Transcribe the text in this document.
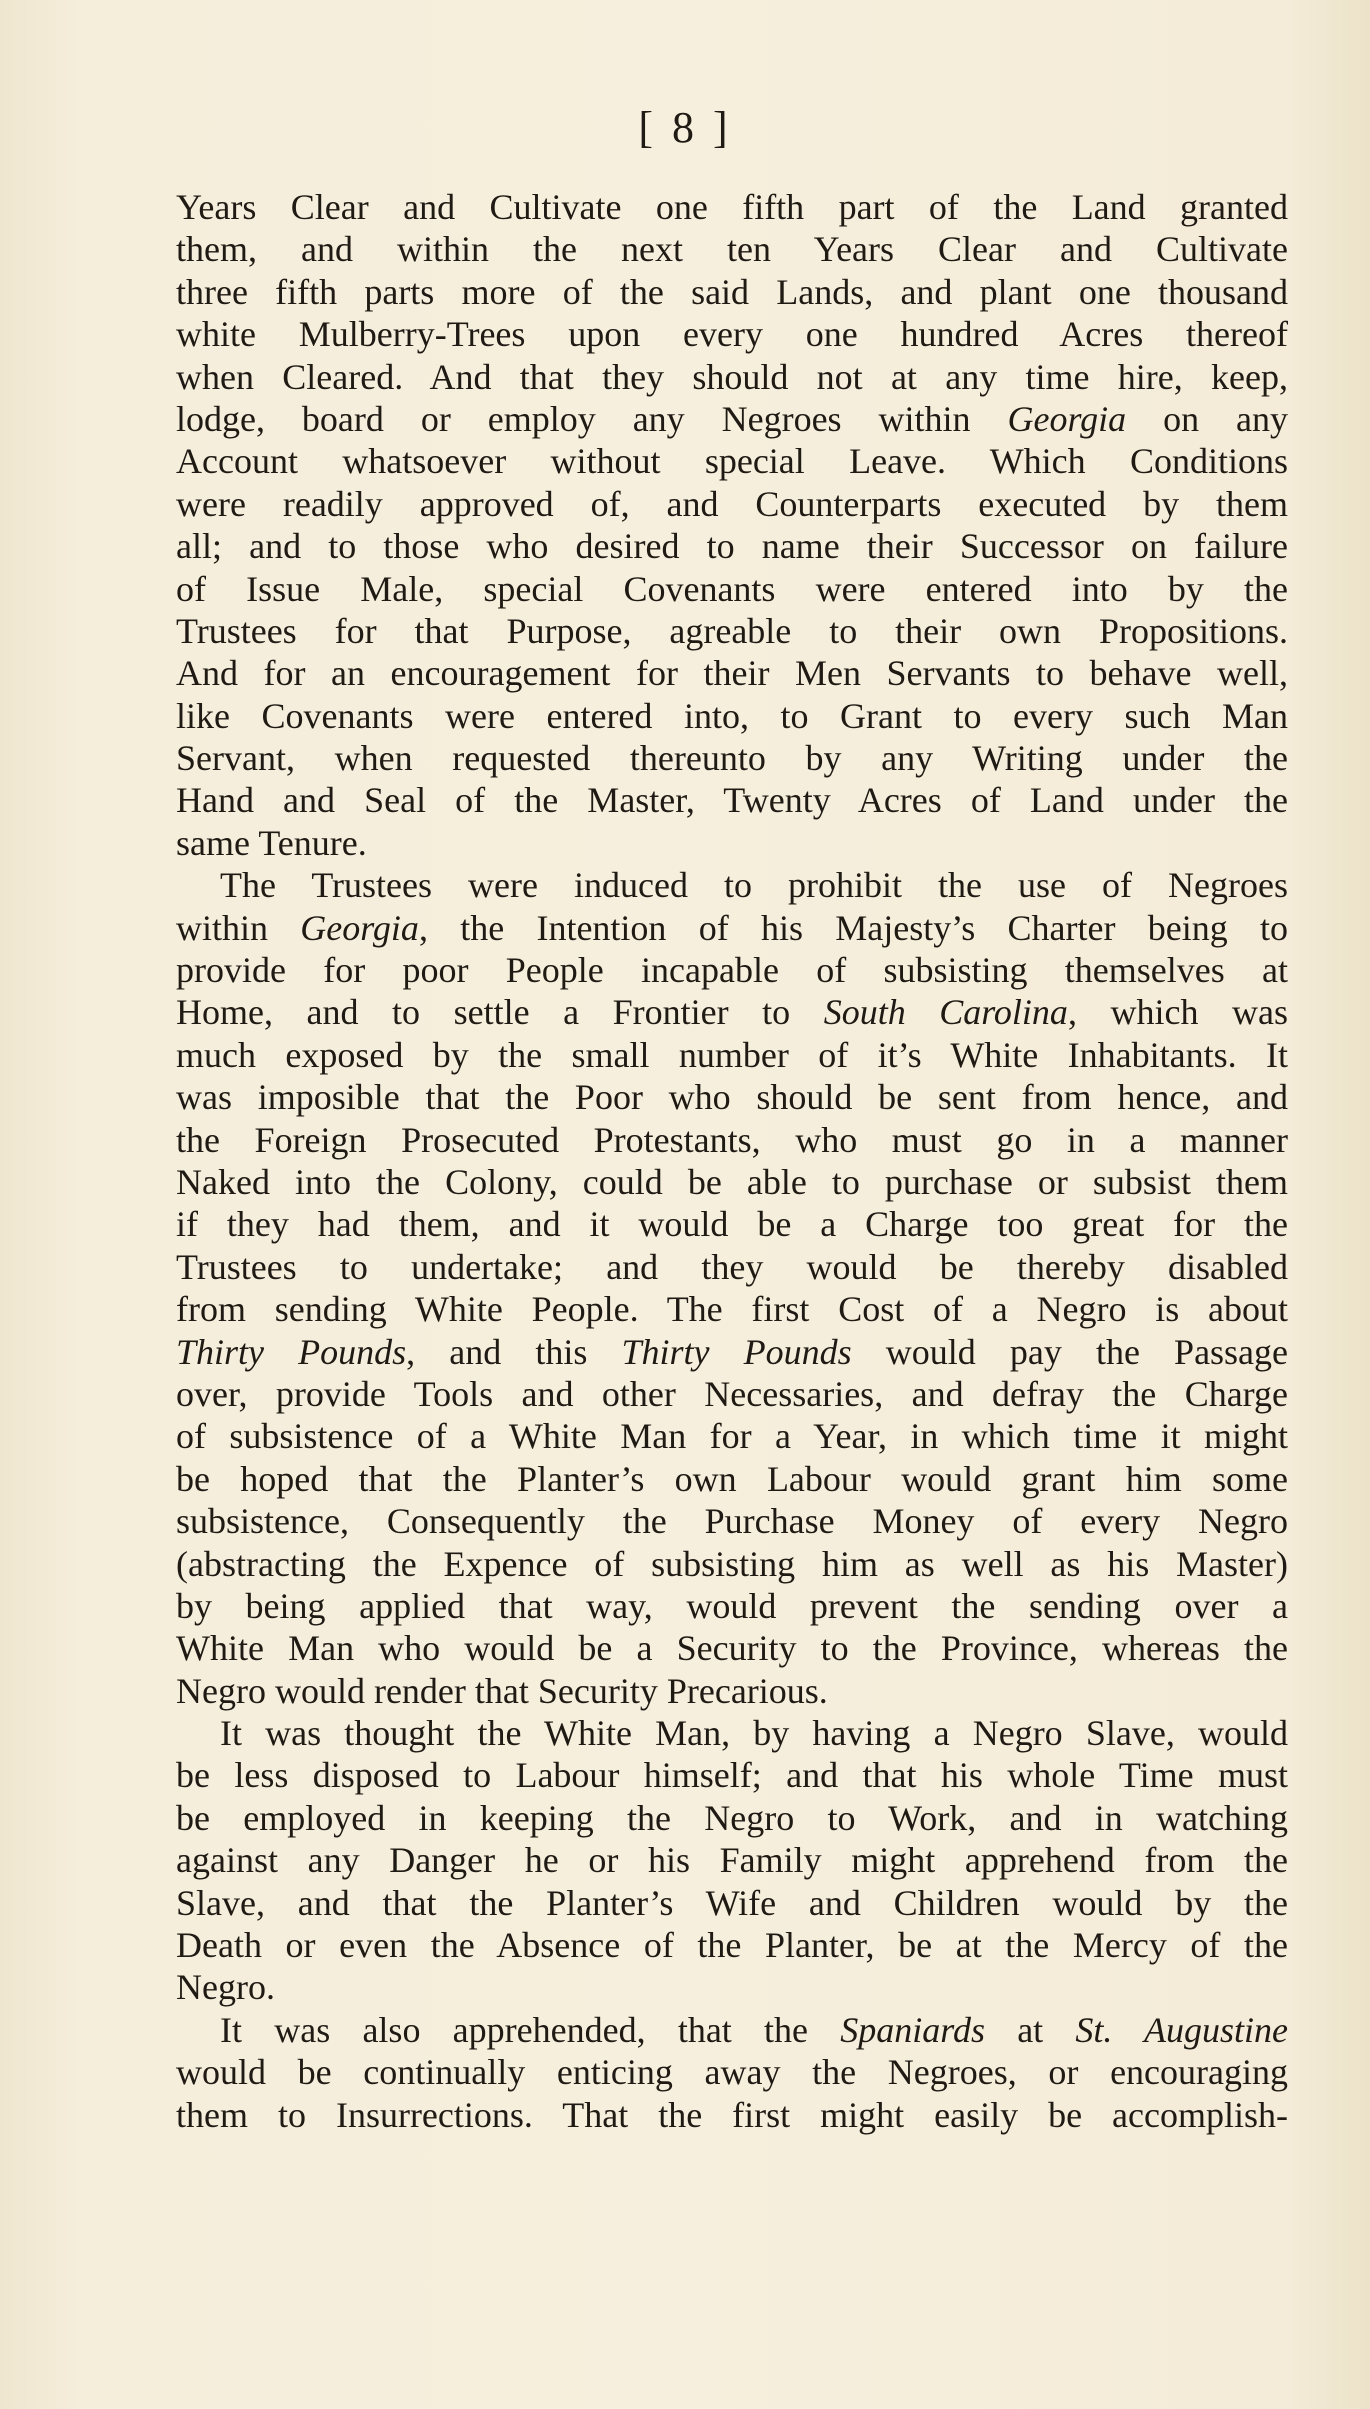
[ 8 ]
Years Clear and Cultivate one fifth part of the Land granted
them, and within the next ten Years Clear and Cultivate
three fifth parts more of the said Lands, and plant one thousand
white Mulberry-Trees upon every one hundred Acres thereof
when Cleared. And that they should not at any time hire, keep,
lodge, board or employ any Negroes within Georgia on any
Account whatsoever without special Leave. Which Conditions
were readily approved of, and Counterparts executed by them
all; and to those who desired to name their Successor on failure
of Issue Male, special Covenants were entered into by the
Trustees for that Purpose, agreable to their own Propositions.
And for an encouragement for their Men Servants to behave well,
like Covenants were entered into, to Grant to every such Man
Servant, when requested thereunto by any Writing under the
Hand and Seal of the Master, Twenty Acres of Land under the
same Tenure.
The Trustees were induced to prohibit the use of Negroes
within Georgia, the Intention of his Majesty’s Charter being to
provide for poor People incapable of subsisting themselves at
Home, and to settle a Frontier to South Carolina, which was
much exposed by the small number of it’s White Inhabitants. It
was imposible that the Poor who should be sent from hence, and
the Foreign Prosecuted Protestants, who must go in a manner
Naked into the Colony, could be able to purchase or subsist them
if they had them, and it would be a Charge too great for the
Trustees to undertake; and they would be thereby disabled
from sending White People. The first Cost of a Negro is about
Thirty Pounds, and this Thirty Pounds would pay the Passage
over, provide Tools and other Necessaries, and defray the Charge
of subsistence of a White Man for a Year, in which time it might
be hoped that the Planter’s own Labour would grant him some
subsistence, Consequently the Purchase Money of every Negro
(abstracting the Expence of subsisting him as well as his Master)
by being applied that way, would prevent the sending over a
White Man who would be a Security to the Province, whereas the
Negro would render that Security Precarious.
It was thought the White Man, by having a Negro Slave, would
be less disposed to Labour himself; and that his whole Time must
be employed in keeping the Negro to Work, and in watching
against any Danger he or his Family might apprehend from the
Slave, and that the Planter’s Wife and Children would by the
Death or even the Absence of the Planter, be at the Mercy of the
Negro.
It was also apprehended, that the Spaniards at St. Augustine
would be continually enticing away the Negroes, or encouraging
them to Insurrections. That the first might easily be accomplish-
